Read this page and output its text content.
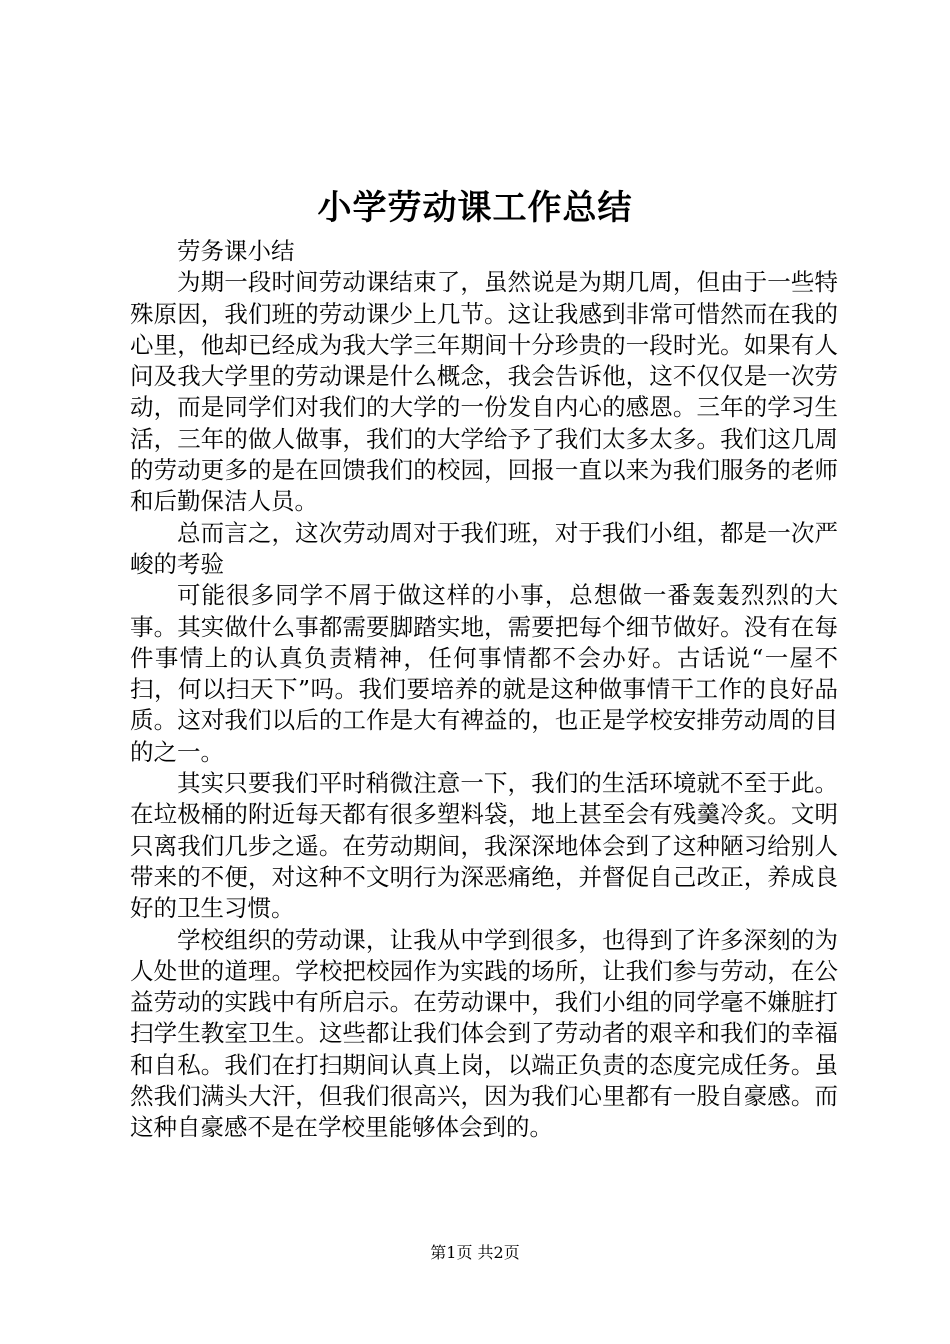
小学劳动课工作总结

劳务课小结

为期一段时间劳动课结束了，虽然说是为期几周，但由于一些特殊原因，我们班的劳动课少上几节。这让我感到非常可惜然而在我的心里，他却已经成为我大学三年期间十分珍贵的一段时光。如果有人问及我大学里的劳动课是什么概念，我会告诉他，这不仅仅是一次劳动，而是同学们对我们的大学的一份发自内心的感恩。三年的学习生活，三年的做人做事，我们的大学给予了我们太多太多。我们这几周的劳动更多的是在回馈我们的校园，回报一直以来为我们服务的老师和后勤保洁人员。

总而言之，这次劳动周对于我们班，对于我们小组，都是一次严峻的考验

可能很多同学不屑于做这样的小事，总想做一番轰轰烈烈的大事。其实做什么事都需要脚踏实地，需要把每个细节做好。没有在每件事情上的认真负责精神，任何事情都不会办好。古话说“一屋不扫，何以扫天下”吗。我们要培养的就是这种做事情干工作的良好品质。这对我们以后的工作是大有裨益的，也正是学校安排劳动周的目的之一。

其实只要我们平时稍微注意一下，我们的生活环境就不至于此。在垃极桶的附近每天都有很多塑料袋，地上甚至会有残羹冷炙。文明只离我们几步之遥。在劳动期间，我深深地体会到了这种陋习给别人带来的不便，对这种不文明行为深恶痛绝，并督促自己改正，养成良好的卫生习惯。

学校组织的劳动课，让我从中学到很多，也得到了许多深刻的为人处世的道理。学校把校园作为实践的场所，让我们参与劳动，在公益劳动的实践中有所启示。在劳动课中，我们小组的同学毫不嫌脏打扫学生教室卫生。这些都让我们体会到了劳动者的艰辛和我们的幸福和自私。我们在打扫期间认真上岗，以端正负责的态度完成任务。虽然我们满头大汗，但我们很高兴，因为我们心里都有一股自豪感。而这种自豪感不是在学校里能够体会到的。

第1页 共2页
